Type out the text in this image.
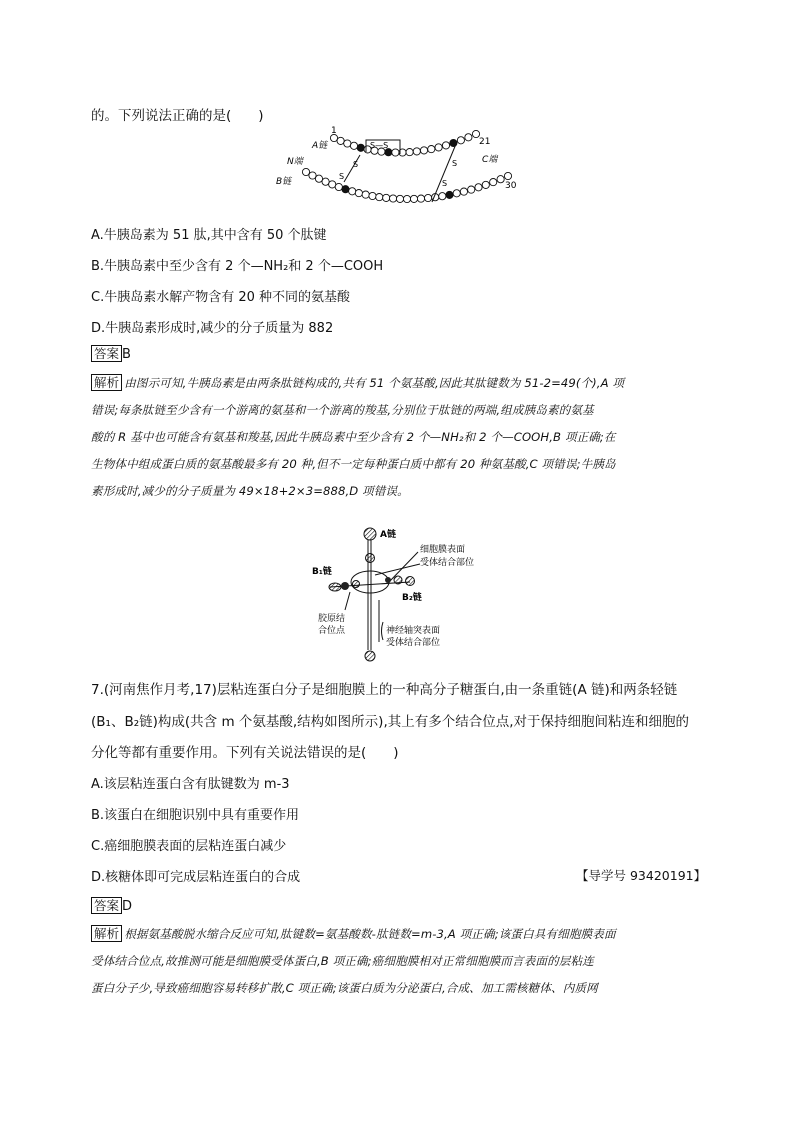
的。下列说法正确的是(　　)
1
A链	S—S
S
S
S
S
21
C端
N端
B链	30
A.牛胰岛素为 51 肽,其中含有 50 个肽键
B.牛胰岛素中至少含有 2 个—NH₂和 2 个—COOH
C.牛胰岛素水解产物含有 20 种不同的氨基酸
D.牛胰岛素形成时,减少的分子质量为 882
答案 B
解析 由图示可知,牛胰岛素是由两条肽链构成的,共有 51 个氨基酸,因此其肽键数为 51-2=49(个),A 项
错误;每条肽链至少含有一个游离的氨基和一个游离的羧基,分别位于肽链的两端,组成胰岛素的氨基
酸的 R 基中也可能含有氨基和羧基,因此牛胰岛素中至少含有 2 个—NH₂和 2 个—COOH,B 项正确;在
生物体中组成蛋白质的氨基酸最多有 20 种,但不一定每种蛋白质中都有 20 种氨基酸,C 项错误;牛胰岛
素形成时,减少的分子质量为 49×18+2×3=888,D 项错误。
A链
细胞膜表面
受体结合部位
B₁链
B₂链
胶原结
合位点	神经轴突表面
受体结合部位
7.(河南焦作月考,17)层粘连蛋白分子是细胞膜上的一种高分子糖蛋白,由一条重链(A 链)和两条轻链
(B₁、B₂链)构成(共含 m 个氨基酸,结构如图所示),其上有多个结合位点,对于保持细胞间粘连和细胞的
分化等都有重要作用。下列有关说法错误的是(　　)
A.该层粘连蛋白含有肽键数为 m-3
B.该蛋白在细胞识别中具有重要作用
C.癌细胞膜表面的层粘连蛋白减少
D.核糖体即可完成层粘连蛋白的合成	【导学号 93420191】
答案 D
解析 根据氨基酸脱水缩合反应可知,肽键数=氨基酸数-肽链数=m-3,A 项正确;该蛋白具有细胞膜表面
受体结合位点,故推测可能是细胞膜受体蛋白,B 项正确;癌细胞膜相对正常细胞膜而言表面的层粘连
蛋白分子少,导致癌细胞容易转移扩散,C 项正确;该蛋白质为分泌蛋白,合成、加工需核糖体、内质网
